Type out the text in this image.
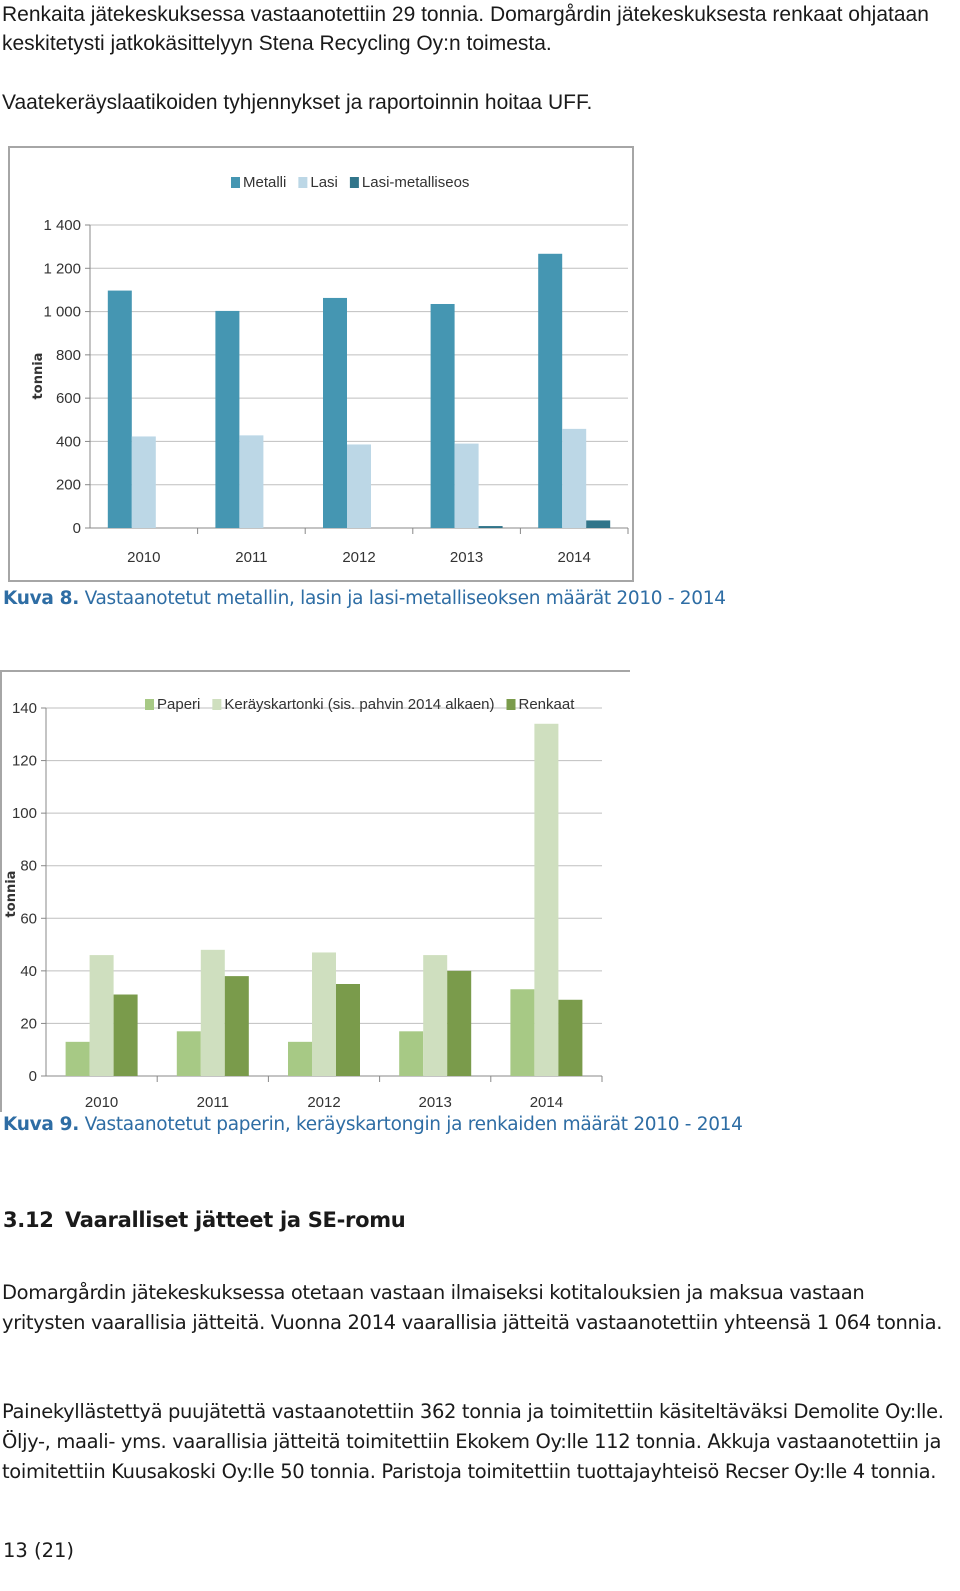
Renkaita jätekeskuksessa vastaanotettiin 29 tonnia. Domargårdin jätekeskuksesta renkaat ohjataan keskitetysti jatkokäsittelyyn Stena Recycling Oy:n toimesta.

Vaatekeräyslaatikoiden tyhjennykset ja raportoinnin hoitaa UFF.

0
200
400
600
800
1 000
1 200
1 400
2010	2011	2012	2013	2014
tonnia
Metalli Lasi Lasi-metalliseos

Kuva 8. Vastaanotetut metallin, lasin ja lasi-metalliseoksen määrät 2010 - 2014

0
20
40
60
80
100
120
140
2010	2011	2012	2013	2014
tonnia
Paperi Keräyskartonki (sis. pahvin 2014 alkaen) Renkaat

Kuva 9. Vastaanotetut paperin, keräyskartongin ja renkaiden määrät 2010 - 2014

3.12 Vaaralliset jätteet ja SE-romu

Domargårdin jätekeskuksessa otetaan vastaan ilmaiseksi kotitalouksien ja maksua vastaan yritysten vaarallisia jätteitä. Vuonna 2014 vaarallisia jätteitä vastaanotettiin yhteensä 1 064 tonnia.

Painekyllästettyä puujätettä vastaanotettiin 362 tonnia ja toimitettiin käsiteltäväksi Demolite Oy:lle. Öljy-, maali- yms. vaarallisia jätteitä toimitettiin Ekokem Oy:lle 112 tonnia. Akkuja vastaanotettiin ja toimitettiin Kuusakoski Oy:lle 50 tonnia. Paristoja toimitettiin tuottajayhteisö Recser Oy:lle 4 tonnia.

13 (21)
